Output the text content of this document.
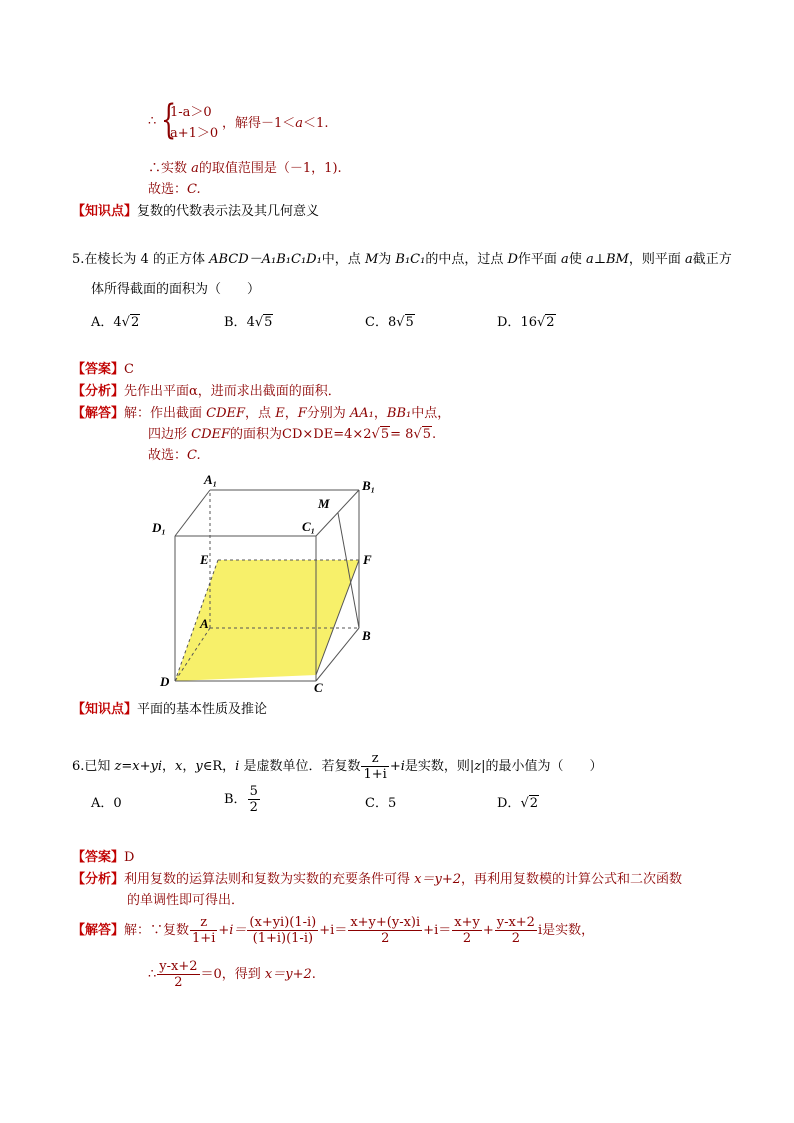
∴ {
1-a＞0
a+1＞0
，解得－1＜a＜1.
∴实数 a的取值范围是（－1，1).
故选：C.
【知识点】复数的代数表示法及其几何意义
5.在棱长为 4 的正方体 ABCD－A₁B₁C₁D₁中，点 M为 B₁C₁的中点，过点 D作平面 a使 a⊥BM，则平面 a截正方
体所得截面的面积为（　　）
A．4√2	B．4√5	C．8√5	D．16√2
【答案】C
【分析】先作出平面α，进而求出截面的面积．
【解答】解：作出截面 CDEF，点 E，F分别为 AA₁，BB₁中点，
四边形 CDEF的面积为CD×DE=4×2√5= 8√5.
故选：C.
A₁	B₁
C₁
D₁
M
E	F
A
B
C
D
【知识点】平面的基本性质及推论
6.已知 z=x+yi，x，y∈R，i 是虚数单位．若复数 $\frac{z}{1+i} +i$是实数，则|z|的最小值为（　　）
A．0	B． $\frac{5}{2}$	C．5	D．√2
【答案】D
【分析】利用复数的运算法则和复数为实数的充要条件可得 x＝y+2，再利用复数模的计算公式和二次函数
的单调性即可得出．
【解答】解：∵复数 $\frac{z}{1+i} +i= \frac{(x+yi)(1-i)}{(1+i)(1-i)} +i= \frac{x+y+(y-x)i}{2} +i= \frac{x+y}{2} + \frac{y-x+2}{2}$ i是实数，
∴ $\frac{y-x+2}{2} =0$，得到 x＝y+2.
